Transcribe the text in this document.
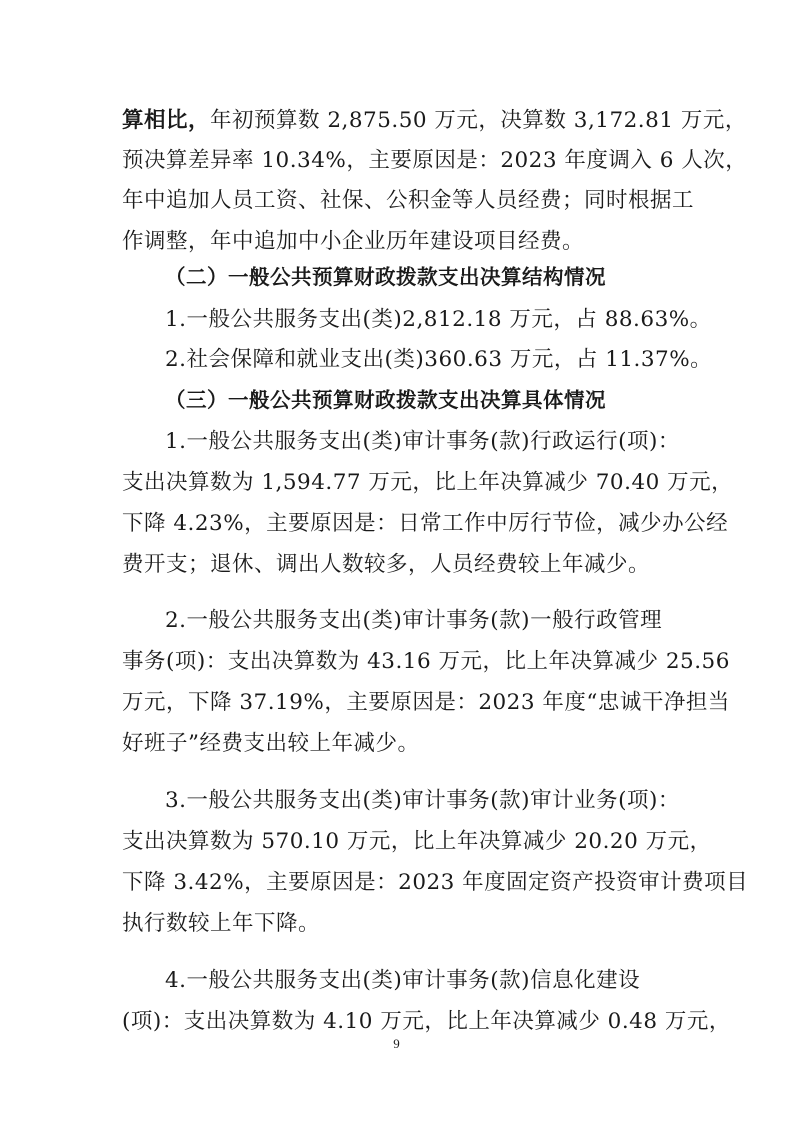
算相比，年初预算数 2,875.50 万元，决算数 3,172.81 万元，
预决算差异率 10.34%，主要原因是：2023 年度调入 6 人次，
年中追加人员工资、社保、公积金等人员经费；同时根据工
作调整，年中追加中小企业历年建设项目经费。
（二）一般公共预算财政拨款支出决算结构情况
1.一般公共服务支出(类)2,812.18 万元，占 88.63%。
2.社会保障和就业支出(类)360.63 万元，占 11.37%。
（三）一般公共预算财政拨款支出决算具体情况
1.一般公共服务支出(类)审计事务(款)行政运行(项)：
支出决算数为 1,594.77 万元，比上年决算减少 70.40 万元，
下降 4.23%，主要原因是：日常工作中厉行节俭，减少办公经
费开支；退休、调出人数较多，人员经费较上年减少。
2.一般公共服务支出(类)审计事务(款)一般行政管理
事务(项)：支出决算数为 43.16 万元，比上年决算减少 25.56
万元，下降 37.19%，主要原因是：2023 年度“忠诚干净担当
好班子”经费支出较上年减少。
3.一般公共服务支出(类)审计事务(款)审计业务(项)：
支出决算数为 570.10 万元，比上年决算减少 20.20 万元，
下降 3.42%，主要原因是：2023 年度固定资产投资审计费项目
执行数较上年下降。
4.一般公共服务支出(类)审计事务(款)信息化建设
(项)：支出决算数为 4.10 万元，比上年决算减少 0.48 万元，
9
